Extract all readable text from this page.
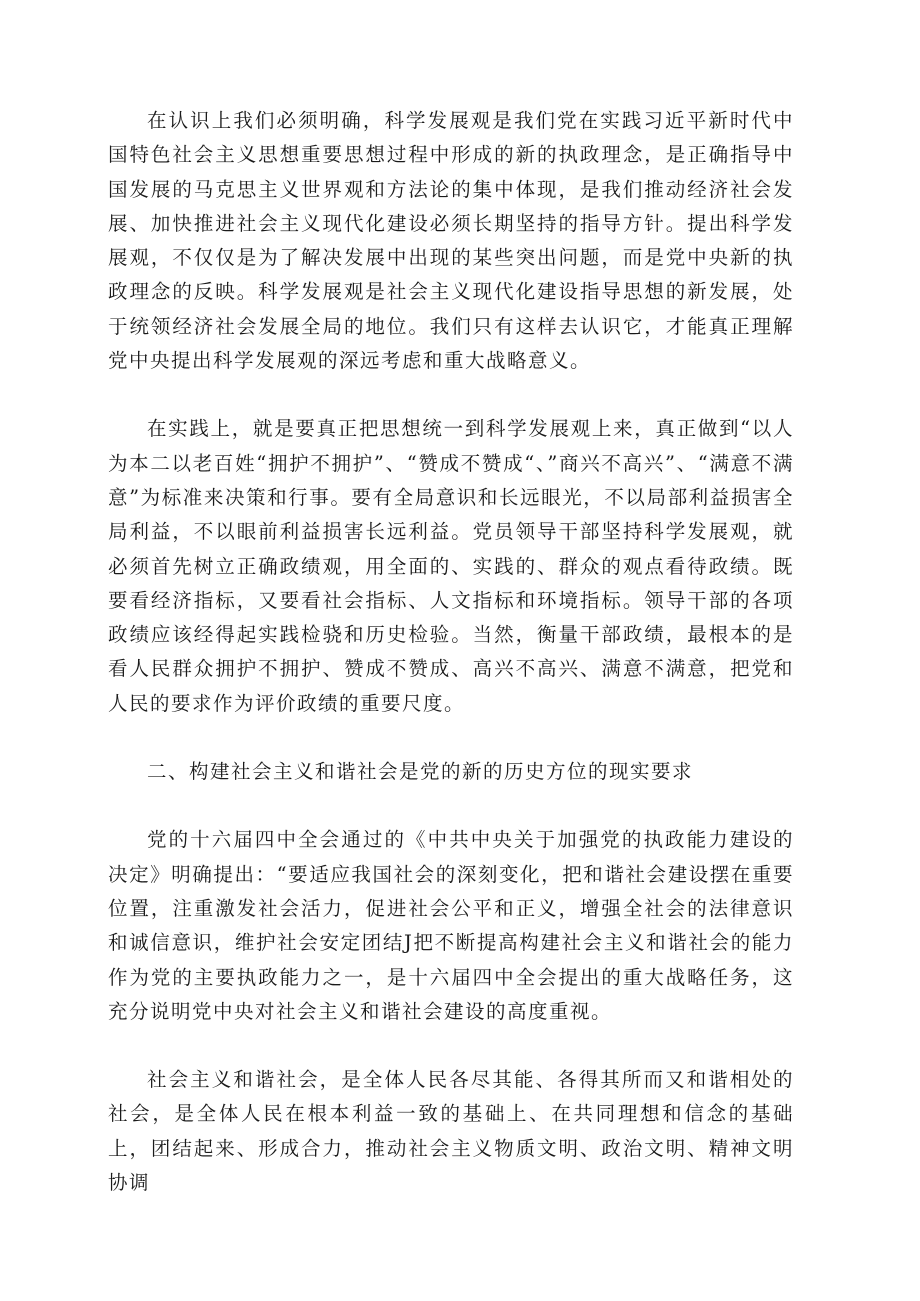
在认识上我们必须明确，科学发展观是我们党在实践习近平新时代中国特色社会主义思想重要思想过程中形成的新的执政理念，是正确指导中国发展的马克思主义世界观和方法论的集中体现，是我们推动经济社会发展、加快推进社会主义现代化建设必须长期坚持的指导方针。提出科学发展观，不仅仅是为了解决发展中出现的某些突出问题，而是党中央新的执政理念的反映。科学发展观是社会主义现代化建设指导思想的新发展，处于统领经济社会发展全局的地位。我们只有这样去认识它，才能真正理解党中央提出科学发展观的深远考虑和重大战略意义。

在实践上，就是要真正把思想统一到科学发展观上来，真正做到“以人为本二以老百姓“拥护不拥护”、“赞成不赞成“、”商兴不高兴”、“满意不满意”为标准来决策和行事。要有全局意识和长远眼光，不以局部利益损害全局利益，不以眼前利益损害长远利益。党员领导干部坚持科学发展观，就必须首先树立正确政绩观，用全面的、实践的、群众的观点看待政绩。既要看经济指标，又要看社会指标、人文指标和环境指标。领导干部的各项政绩应该经得起实践检骁和历史检验。当然，衡量干部政绩，最根本的是看人民群众拥护不拥护、赞成不赞成、高兴不高兴、满意不满意，把党和人民的要求作为评价政绩的重要尺度。

二、构建社会主义和谐社会是党的新的历史方位的现实要求

党的十六届四中全会通过的《中共中央关于加强党的执政能力建设的决定》明确提出：“要适应我国社会的深刻变化，把和谐社会建设摆在重要位置，注重激发社会活力，促进社会公平和正义，增强全社会的法律意识和诚信意识，维护社会安定团结J把不断提高构建社会主义和谐社会的能力作为党的主要执政能力之一，是十六届四中全会提出的重大战略任务，这充分说明党中央对社会主义和谐社会建设的高度重视。

社会主义和谐社会，是全体人民各尽其能、各得其所而又和谐相处的社会，是全体人民在根本利益一致的基础上、在共同理想和信念的基础上，团结起来、形成合力，推动社会主义物质文明、政治文明、精神文明协调
